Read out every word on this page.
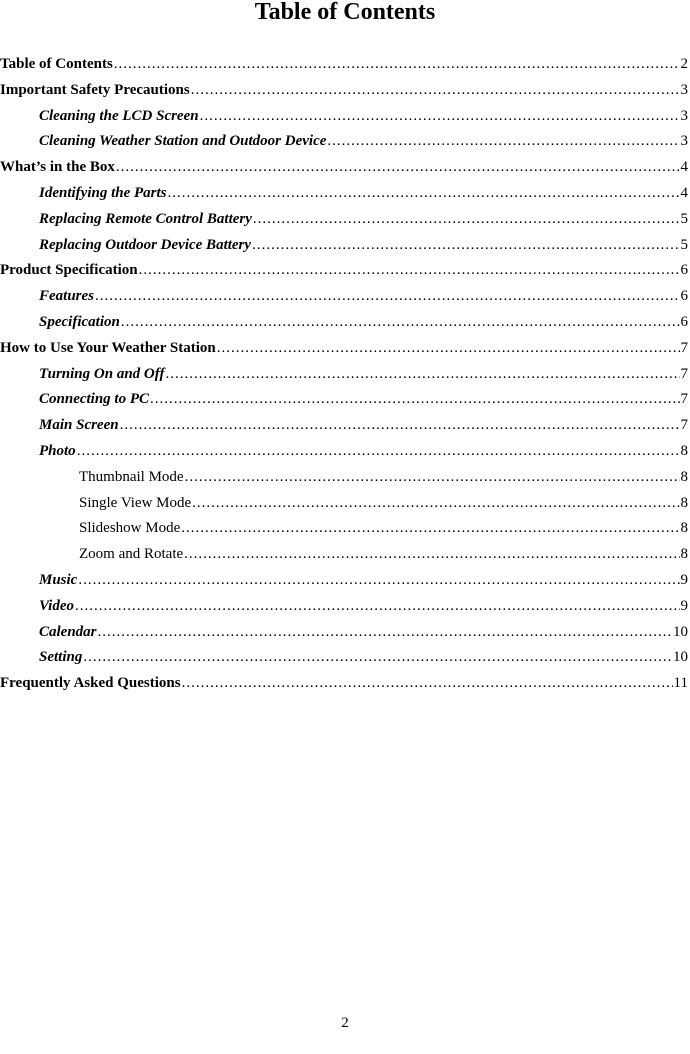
Table of Contents
Table of Contents .....	2
Important Safety Precautions .....	3
Cleaning the LCD Screen .....	3
Cleaning Weather Station and Outdoor Device .....	3
What’s in the Box .....	4
Identifying the Parts .....	4
Replacing Remote Control Battery .....	5
Replacing Outdoor Device Battery .....	5
Product Specification .....	6
Features .....	6
Specification .....	6
How to Use Your Weather Station .....	7
Turning On and Off .....	7
Connecting to PC .....	7
Main Screen .....	7
Photo .....	8
Thumbnail Mode .....	8
Single View Mode .....	8
Slideshow Mode .....	8
Zoom and Rotate .....	8
Music .....	9
Video .....	9
Calendar .....	10
Setting .....	10
Frequently Asked Questions .....	11
2
